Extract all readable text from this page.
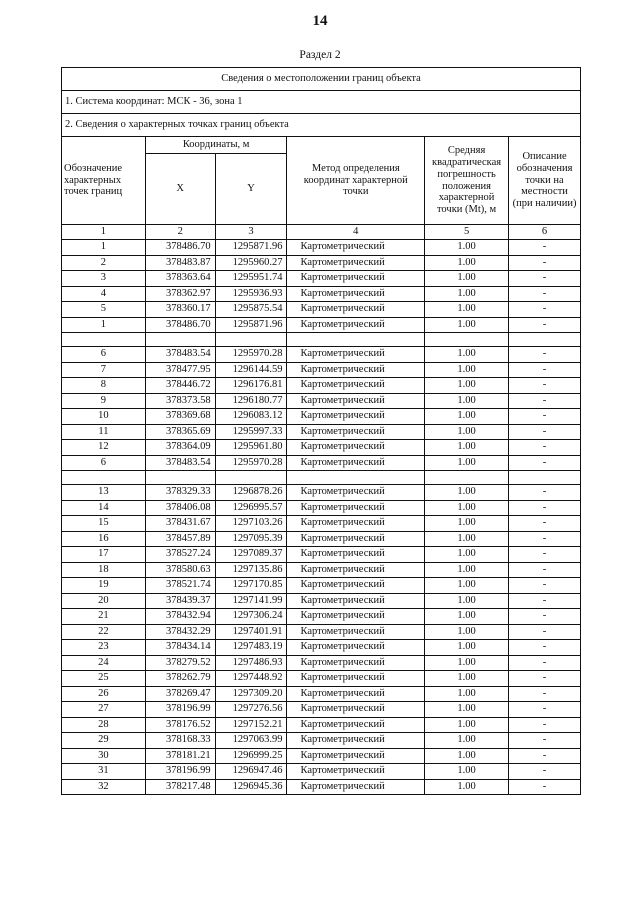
14
Раздел 2
Сведения о местоположении границ объекта					
1. Система координат: МСК - 36, зона 1					
2. Сведения о характерных точках границ объекта					
Обозначение характерных точек границ	Координаты, м		Метод определения координат характерной точки	Средняя квадратическая погрешность положения характерной точки (Mt), м	Описание обозначения точки на местности (при наличии)
	X	Y			
1	2	3	4	5	6
1	378486.70	1295871.96	Картометрический	1.00	-
2	378483.87	1295960.27	Картометрический	1.00	-
3	378363.64	1295951.74	Картометрический	1.00	-
4	378362.97	1295936.93	Картометрический	1.00	-
5	378360.17	1295875.54	Картометрический	1.00	-
1	378486.70	1295871.96	Картометрический	1.00	-

6	378483.54	1295970.28	Картометрический	1.00	-
7	378477.95	1296144.59	Картометрический	1.00	-
8	378446.72	1296176.81	Картометрический	1.00	-
9	378373.58	1296180.77	Картометрический	1.00	-
10	378369.68	1296083.12	Картометрический	1.00	-
11	378365.69	1295997.33	Картометрический	1.00	-
12	378364.09	1295961.80	Картометрический	1.00	-
6	378483.54	1295970.28	Картометрический	1.00	-

13	378329.33	1296878.26	Картометрический	1.00	-
14	378406.08	1296995.57	Картометрический	1.00	-
15	378431.67	1297103.26	Картометрический	1.00	-
16	378457.89	1297095.39	Картометрический	1.00	-
17	378527.24	1297089.37	Картометрический	1.00	-
18	378580.63	1297135.86	Картометрический	1.00	-
19	378521.74	1297170.85	Картометрический	1.00	-
20	378439.37	1297141.99	Картометрический	1.00	-
21	378432.94	1297306.24	Картометрический	1.00	-
22	378432.29	1297401.91	Картометрический	1.00	-
23	378434.14	1297483.19	Картометрический	1.00	-
24	378279.52	1297486.93	Картометрический	1.00	-
25	378262.79	1297448.92	Картометрический	1.00	-
26	378269.47	1297309.20	Картометрический	1.00	-
27	378196.99	1297276.56	Картометрический	1.00	-
28	378176.52	1297152.21	Картометрический	1.00	-
29	378168.33	1297063.99	Картометрический	1.00	-
30	378181.21	1296999.25	Картометрический	1.00	-
31	378196.99	1296947.46	Картометрический	1.00	-
32	378217.48	1296945.36	Картометрический	1.00	-
